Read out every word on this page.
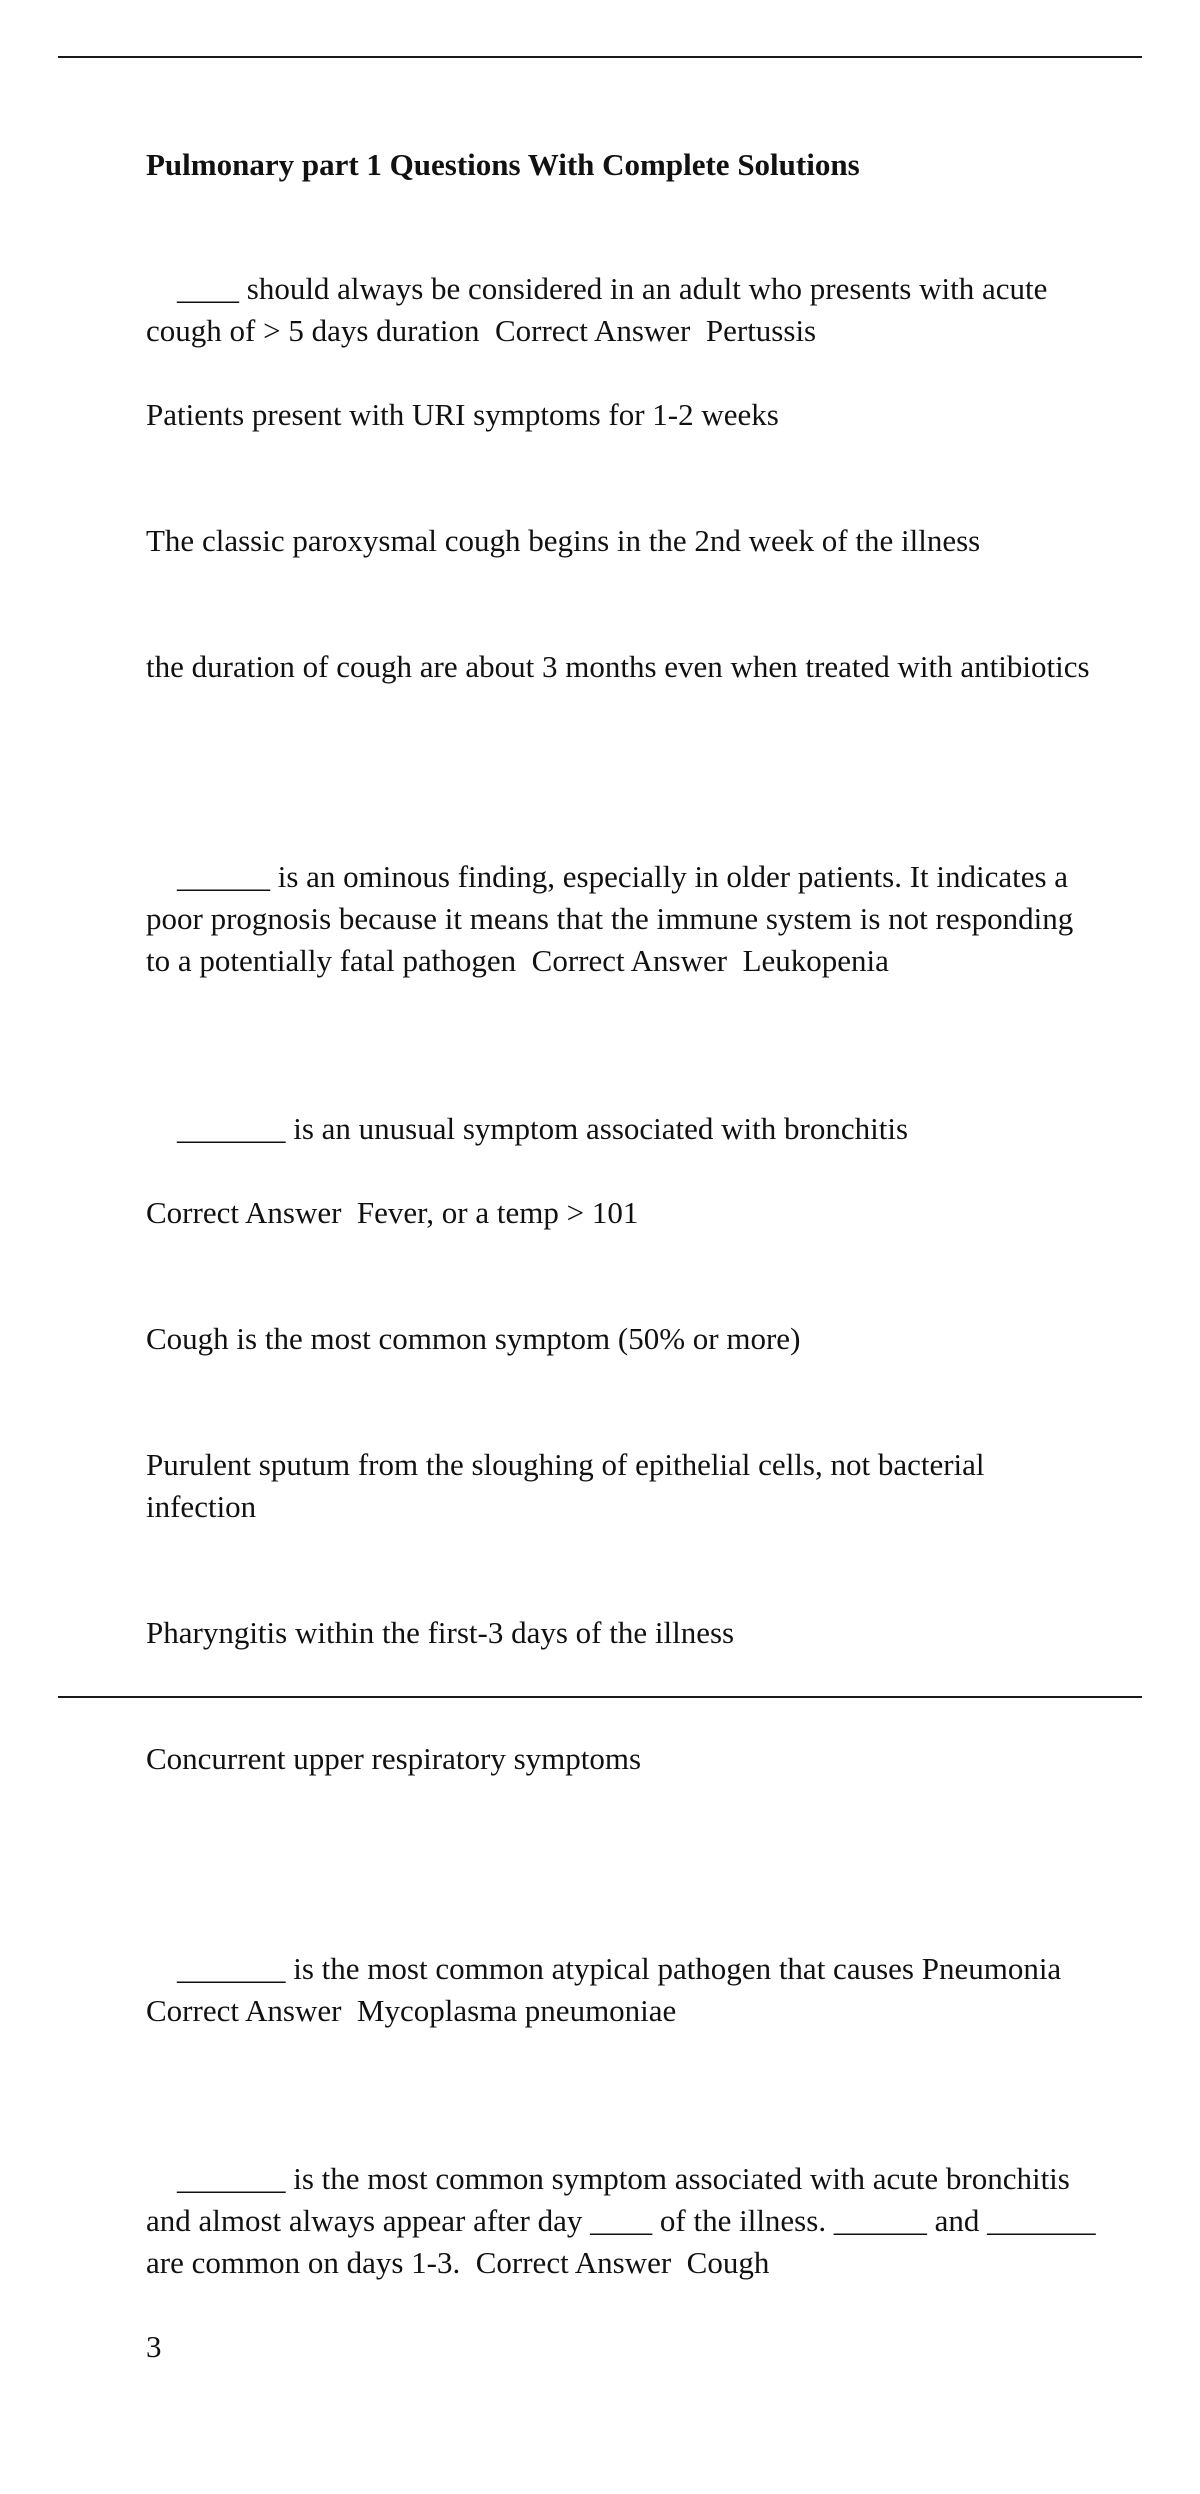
Pulmonary part 1 Questions With Complete Solutions

____ should always be considered in an adult who presents with acute cough of > 5 days duration Correct Answer Pertussis

Patients present with URI symptoms for 1-2 weeks

The classic paroxysmal cough begins in the 2nd week of the illness

the duration of cough are about 3 months even when treated with antibiotics

______ is an ominous finding, especially in older patients. It indicates a poor prognosis because it means that the immune system is not responding to a potentially fatal pathogen Correct Answer Leukopenia

_______ is an unusual symptom associated with bronchitis

Correct Answer Fever, or a temp > 101

Cough is the most common symptom (50% or more)

Purulent sputum from the sloughing of epithelial cells, not bacterial infection

Pharyngitis within the first-3 days of the illness

Concurrent upper respiratory symptoms

_______ is the most common atypical pathogen that causes Pneumonia  Correct Answer Mycoplasma pneumoniae

_______ is the most common symptom associated with acute bronchitis and almost always appear after day ____ of the illness. ______ and _______ are common on days 1-3. Correct Answer Cough

3
